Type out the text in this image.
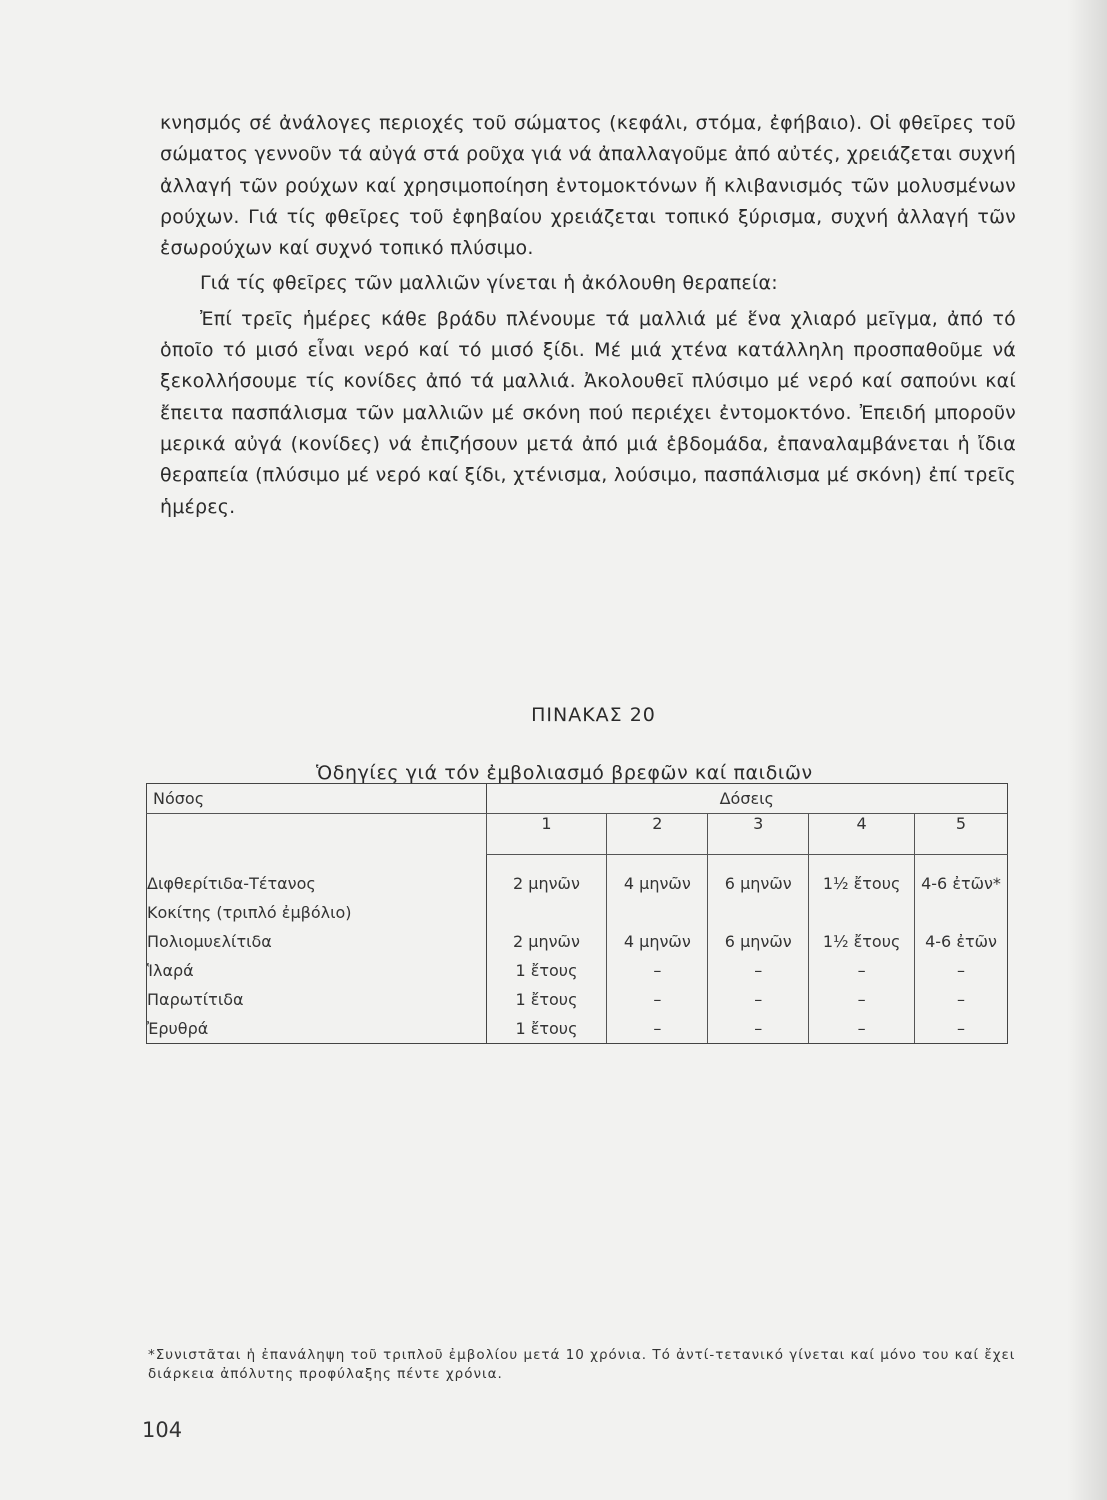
κνησμός σέ ἀνάλογες περιοχές τοῦ σώματος (κεφάλι, στόμα, ἐφήβαιο). Οἱ φθεῖρες τοῦ σώματος γεννοῦν τά αὐγά στά ροῦχα γιά νά ἀπαλλαγοῦμε ἀπό αὐτές, χρειάζεται συχνή ἀλλαγή τῶν ρούχων καί χρησιμοποίηση ἐντομοκτόνων ἤ κλιβανισμός τῶν μολυσμένων ρούχων. Γιά τίς φθεῖρες τοῦ ἐφηβαίου χρειάζεται τοπικό ξύρισμα, συχνή ἀλλαγή τῶν ἐσωρούχων καί συχνό τοπικό πλύσιμο.

Γιά τίς φθεῖρες τῶν μαλλιῶν γίνεται ἡ ἀκόλουθη θεραπεία:

Ἐπί τρεῖς ἡμέρες κάθε βράδυ πλένουμε τά μαλλιά μέ ἕνα χλιαρό μεῖγμα, ἀπό τό ὁποῖο τό μισό εἶναι νερό καί τό μισό ξίδι. Μέ μιά χτένα κατάλληλη προσπαθοῦμε νά ξεκολλήσουμε τίς κονίδες ἀπό τά μαλλιά. Ἀκολουθεῖ πλύσιμο μέ νερό καί σαπούνι καί ἔπειτα πασπάλισμα τῶν μαλλιῶν μέ σκόνη πού περιέχει ἐντομοκτόνο. Ἐπειδή μποροῦν μερικά αὐγά (κονίδες) νά ἐπιζήσουν μετά ἀπό μιά ἑβδομάδα, ἐπαναλαμβάνεται ἡ ἴδια θεραπεία (πλύσιμο μέ νερό καί ξίδι, χτένισμα, λούσιμο, πασπάλισμα μέ σκόνη) ἐπί τρεῖς ἡμέρες.

ΠΙΝΑΚΑΣ 20
Ὁδηγίες γιά τόν ἐμβολιασμό βρεφῶν καί παιδιῶν
Νόσος	Δόσεις				
	1	2	3	4	5

Διφθερίτιδα-Τέτανος	2 μηνῶν	4 μηνῶν	6 μηνῶν	1½ ἔτους	4-6 ἐτῶν*
Κοκίτης (τριπλό ἐμβόλιο)					
Πολιομυελίτιδα	2 μηνῶν	4 μηνῶν	6 μηνῶν	1½ ἔτους	4-6 ἐτῶν
Ἱλαρά	1 ἔτους	–	–	–	–
Παρωτίτιδα	1 ἔτους	–	–	–	–
Ἐρυθρά	1 ἔτους	–	–	–	–
*Συνιστᾶται ἡ ἐπανάληψη τοῦ τριπλοῦ ἐμβολίου μετά 10 χρόνια. Τό ἀντί-τετανικό γίνεται καί μόνο του καί ἔχει διάρκεια ἀπόλυτης προφύλαξης πέντε χρόνια.
104
